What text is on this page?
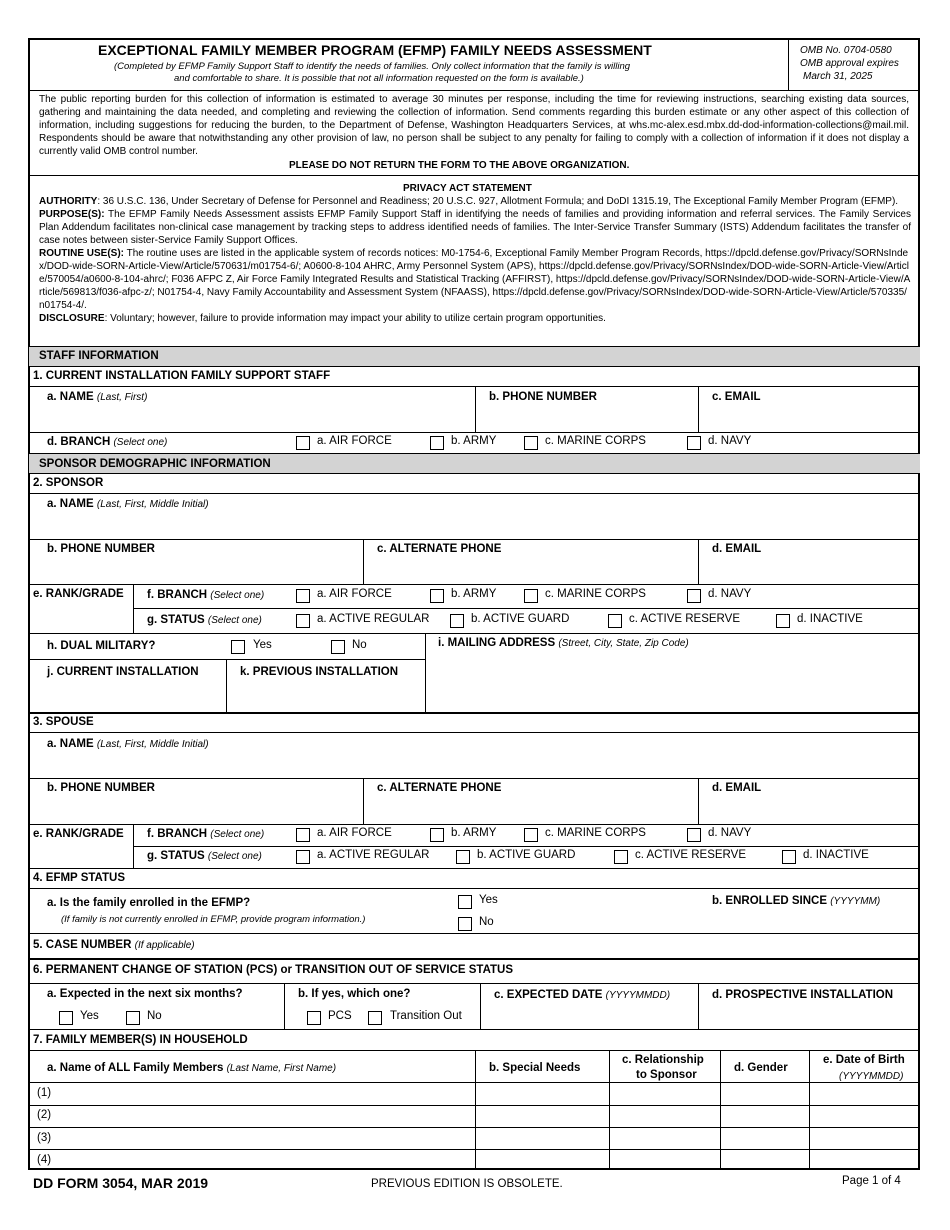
EXCEPTIONAL FAMILY MEMBER PROGRAM (EFMP) FAMILY NEEDS ASSESSMENT
(Completed by EFMP Family Support Staff to identify the needs of families. Only collect information that the family is willing
and comfortable to share. It is possible that not all information requested on the form is available.)
OMB No. 0704-0580
OMB approval expires
March 31, 2025
The public reporting burden for this collection of information is estimated to average 30 minutes per response, including the time for reviewing instructions, searching existing data sources, gathering and maintaining the data needed, and completing and reviewing the collection of information. Send comments regarding this burden estimate or any other aspect of this collection of information, including suggestions for reducing the burden, to the Department of Defense, Washington Headquarters Services, at whs.mc-alex.esd.mbx.dd-dod-information-collections@mail.mil. Respondents should be aware that notwithstanding any other provision of law, no person shall be subject to any penalty for failing to comply with a collection of information if it does not display a currently valid OMB control number.
PLEASE DO NOT RETURN THE FORM TO THE ABOVE ORGANIZATION.
PRIVACY ACT STATEMENT

AUTHORITY: 36 U.S.C. 136, Under Secretary of Defense for Personnel and Readiness; 20 U.S.C. 927, Allotment Formula; and DoDI 1315.19, The Exceptional Family Member Program (EFMP).

PURPOSE(S): The EFMP Family Needs Assessment assists EFMP Family Support Staff in identifying the needs of families and providing information and referral services. The Family Services Plan Addendum facilitates non-clinical case management by tracking steps to address identified needs of families. The Inter-Service Transfer Summary (ISTS) Addendum facilitates the transfer of case notes between sister-Service Family Support Offices.

ROUTINE USE(S): The routine uses are listed in the applicable system of records notices: M0-1754-6, Exceptional Family Member Program Records, https://dpcld.defense.gov/Privacy/SORNsIndex/DOD-wide-SORN-Article-View/Article/570631/m01754-6/; A0600-8-104 AHRC, Army Personnel System (APS), https://dpcld.defense.gov/Privacy/SORNsIndex/DOD-wide-SORN-Article-View/Article/570054/a0600-8-104-ahrc/; F036 AFPC Z, Air Force Family Integrated Results and Statistical Tracking (AFFIRST), https://dpcld.defense.gov/Privacy/SORNsIndex/DOD-wide-SORN-Article-View/Article/569813/f036-afpc-z/; N01754-4, Navy Family Accountability and Assessment System (NFAASS), https://dpcld.defense.gov/Privacy/SORNsIndex/DOD-wide-SORN-Article-View/Article/570335/n01754-4/.

DISCLOSURE: Voluntary; however, failure to provide information may impact your ability to utilize certain program opportunities.

STAFF INFORMATION
1. CURRENT INSTALLATION FAMILY SUPPORT STAFF
a. NAME (Last, First)	b. PHONE NUMBER	c. EMAIL
d. BRANCH (Select one)	a. AIR FORCE	b. ARMY	c. MARINE CORPS	d. NAVY
SPONSOR DEMOGRAPHIC INFORMATION
2. SPONSOR
a. NAME (Last, First, Middle Initial)
b. PHONE NUMBER	c. ALTERNATE PHONE	d. EMAIL
e. RANK/GRADE f. BRANCH (Select one)	a. AIR FORCE	b. ARMY	c. MARINE CORPS	d. NAVY
g. STATUS (Select one)	a. ACTIVE REGULAR	b. ACTIVE GUARD	c. ACTIVE RESERVE	d. INACTIVE
h. DUAL MILITARY?	Yes	No	i. MAILING ADDRESS (Street, City, State, Zip Code)
j. CURRENT INSTALLATION	k. PREVIOUS INSTALLATION
3. SPOUSE
a. NAME (Last, First, Middle Initial)
b. PHONE NUMBER	c. ALTERNATE PHONE	d. EMAIL
e. RANK/GRADE f. BRANCH (Select one)	a. AIR FORCE	b. ARMY	c. MARINE CORPS	d. NAVY
g. STATUS (Select one)	a. ACTIVE REGULAR	b. ACTIVE GUARD	c. ACTIVE RESERVE	d. INACTIVE
4. EFMP STATUS
a. Is the family enrolled in the EFMP?
(If family is not currently enrolled in EFMP, provide program information.)
Yes
No
b. ENROLLED SINCE (YYYYMM)
5. CASE NUMBER (If applicable)
6. PERMANENT CHANGE OF STATION (PCS) or TRANSITION OUT OF SERVICE STATUS
a. Expected in the next six months?
Yes	No
b. If yes, which one?
PCS	Transition Out
c. EXPECTED DATE (YYYYMMDD)	d. PROSPECTIVE INSTALLATION
7. FAMILY MEMBER(S) IN HOUSEHOLD
a. Name of ALL Family Members (Last Name, First Name)	b. Special Needs
c. Relationship
to Sponsor
d. Gender
e. Date of Birth
(YYYYMMDD)
(1)
(2)
(3)
(4)
DD FORM 3054, MAR 2019	PREVIOUS EDITION IS OBSOLETE.	Page 1 of 4
